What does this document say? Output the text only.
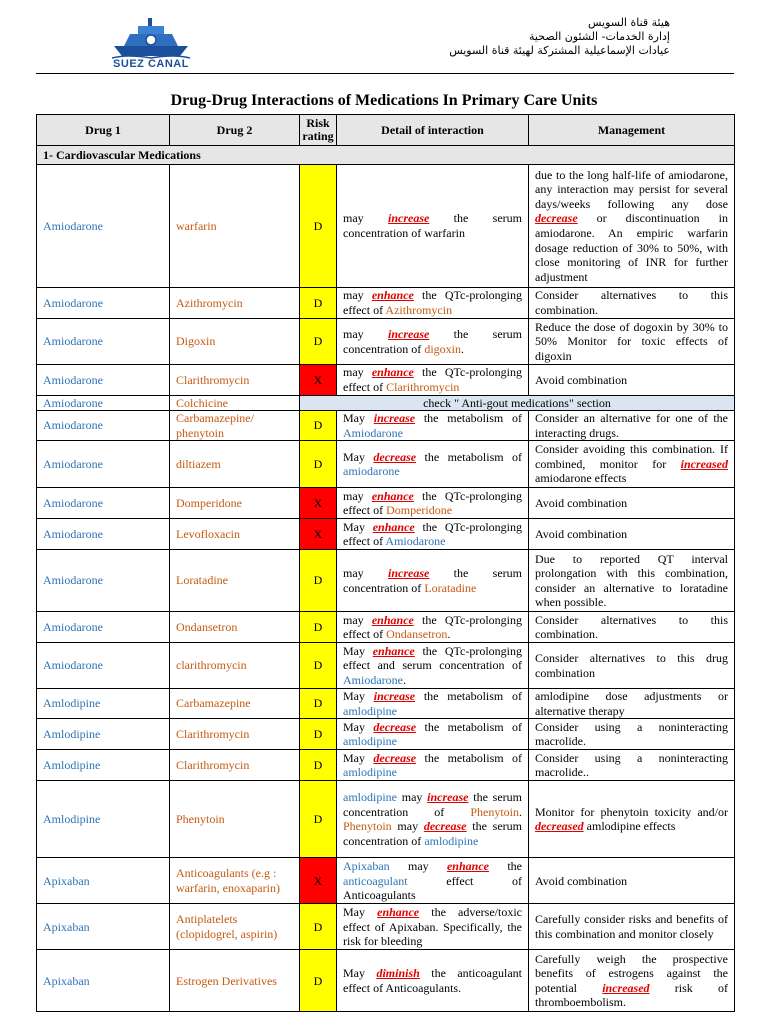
SUEZ CANAL
هيئة قناة السويس
إدارة الخدمات- الشئون الصحية
عيادات الإسماعيلية المشتركة لهيئة قناة السويس
Drug-Drug Interactions of Medications In Primary Care Units
Drug 1	Drug 2	Risk rating	Detail of interaction	Management
1- Cardiovascular Medications				
Amiodarone	warfarin	D	may increase the serum concentration of warfarin	due to the long half-life of amiodarone, any interaction may persist for several days/weeks following any dose decrease or discontinuation in amiodarone. An empiric warfarin dosage reduction of 30% to 50%, with close monitoring of INR for further adjustment
Amiodarone	Azithromycin	D	may enhance the QTc-prolonging effect of Azithromycin	Consider alternatives to this combination.
Amiodarone	Digoxin	D	may increase the serum concentration of digoxin.	Reduce the dose of dogoxin by 30% to 50% Monitor for toxic effects of digoxin
Amiodarone	Clarithromycin	X	may enhance the QTc-prolonging effect of Clarithromycin	Avoid combination
Amiodarone	Colchicine	check " Anti-gout medications" section		
Amiodarone	Carbamazepine/ phenytoin	D	May increase the metabolism of Amiodarone	Consider an alternative for one of the interacting drugs.
Amiodarone	diltiazem	D	May decrease the metabolism of amiodarone	Consider avoiding this combination. If combined, monitor for increased amiodarone effects
Amiodarone	Domperidone	X	may enhance the QTc-prolonging effect of Domperidone	Avoid combination
Amiodarone	Levofloxacin	X	May enhance the QTc-prolonging effect of Amiodarone	Avoid combination
Amiodarone	Loratadine	D	may increase the serum concentration of Loratadine	Due to reported QT interval prolongation with this combination, consider an alternative to loratadine when possible.
Amiodarone	Ondansetron	D	may enhance the QTc-prolonging effect of Ondansetron.	Consider alternatives to this combination.
Amiodarone	clarithromycin	D	May enhance the QTc-prolonging effect and serum concentration of Amiodarone.	Consider alternatives to this drug combination
Amlodipine	Carbamazepine	D	May increase the metabolism of amlodipine	amlodipine dose adjustments or alternative therapy
Amlodipine	Clarithromycin	D	May decrease the metabolism of amlodipine	Consider using a noninteracting macrolide.
Amlodipine	Clarithromycin	D	May decrease the metabolism of amlodipine	Consider using a noninteracting macrolide..
Amlodipine	Phenytoin	D	amlodipine may increase the serum concentration of Phenytoin. Phenytoin may decrease the serum concentration of amlodipine	Monitor for phenytoin toxicity and/or decreased amlodipine effects
Apixaban	Anticoagulants (e.g : warfarin, enoxaparin)	X	Apixaban may enhance the anticoagulant effect of Anticoagulants	Avoid combination
Apixaban	Antiplatelets (clopidogrel, aspirin)	D	May enhance the adverse/toxic effect of Apixaban. Specifically, the risk for bleeding	Carefully consider risks and benefits of this combination and monitor closely
Apixaban	Estrogen Derivatives	D	May diminish the anticoagulant effect of Anticoagulants.	Carefully weigh the prospective benefits of estrogens against the potential increased risk of thromboembolism.
